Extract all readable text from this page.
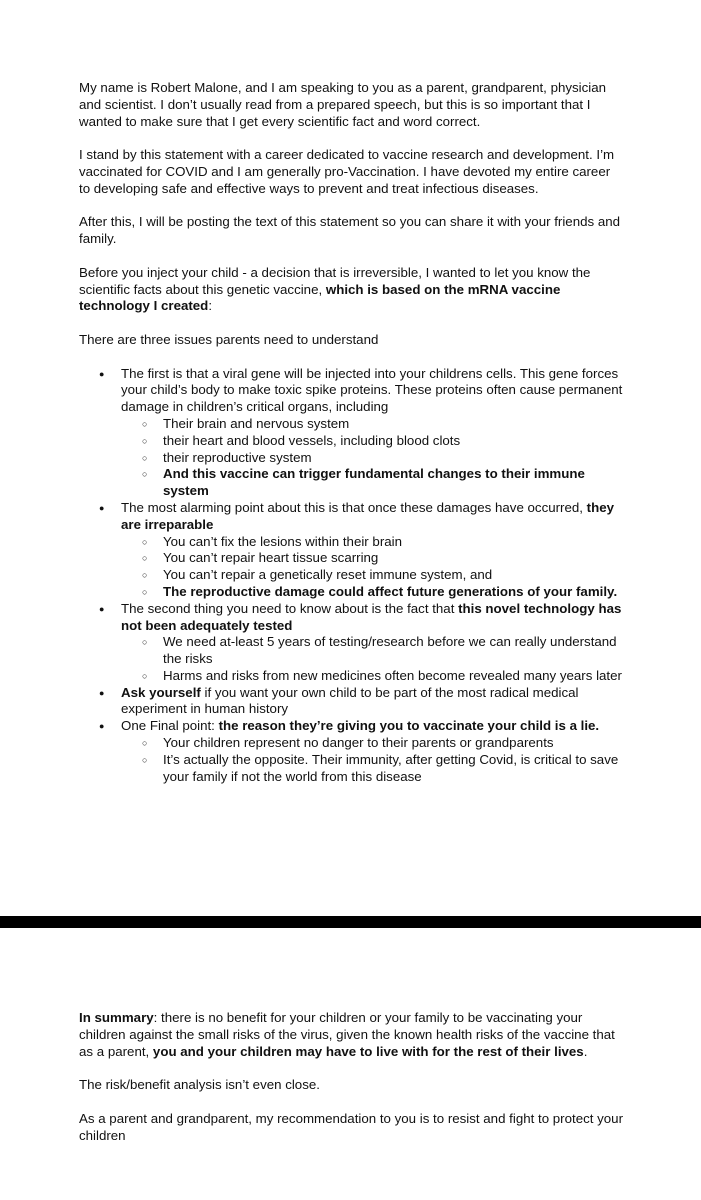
My name is Robert Malone, and I am speaking to you as a parent, grandparent, physician and scientist. I don’t usually read from a prepared speech, but this is so important that I wanted to make sure that I get every scientific fact and word correct.

I stand by this statement with a career dedicated to vaccine research and development. I’m vaccinated for COVID and I am generally pro-Vaccination. I have devoted my entire career to developing safe and effective ways to prevent and treat infectious diseases.

After this, I will be posting the text of this statement so you can share it with your friends and family.

Before you inject your child - a decision that is irreversible, I wanted to let you know the scientific facts about this genetic vaccine, which is based on the mRNA vaccine technology I created:

There are three issues parents need to understand

● The first is that a viral gene will be injected into your childrens cells. This gene forces your child’s body to make toxic spike proteins. These proteins often cause permanent damage in children’s critical organs, including
○ Their brain and nervous system
○ their heart and blood vessels, including blood clots
○ their reproductive system
○ And this vaccine can trigger fundamental changes to their immune system
● The most alarming point about this is that once these damages have occurred, they are irreparable
○ You can’t fix the lesions within their brain
○ You can’t repair heart tissue scarring
○ You can’t repair a genetically reset immune system, and
○ The reproductive damage could affect future generations of your family.
● The second thing you need to know about is the fact that this novel technology has not been adequately tested
○ We need at-least 5 years of testing/research before we can really understand the risks
○ Harms and risks from new medicines often become revealed many years later
● Ask yourself if you want your own child to be part of the most radical medical experiment in human history
● One Final point: the reason they’re giving you to vaccinate your child is a lie.
○ Your children represent no danger to their parents or grandparents
○ It’s actually the opposite. Their immunity, after getting Covid, is critical to save your family if not the world from this disease

In summary: there is no benefit for your children or your family to be vaccinating your children against the small risks of the virus, given the known health risks of the vaccine that as a parent, you and your children may have to live with for the rest of their lives.

The risk/benefit analysis isn’t even close.

As a parent and grandparent, my recommendation to you is to resist and fight to protect your children
